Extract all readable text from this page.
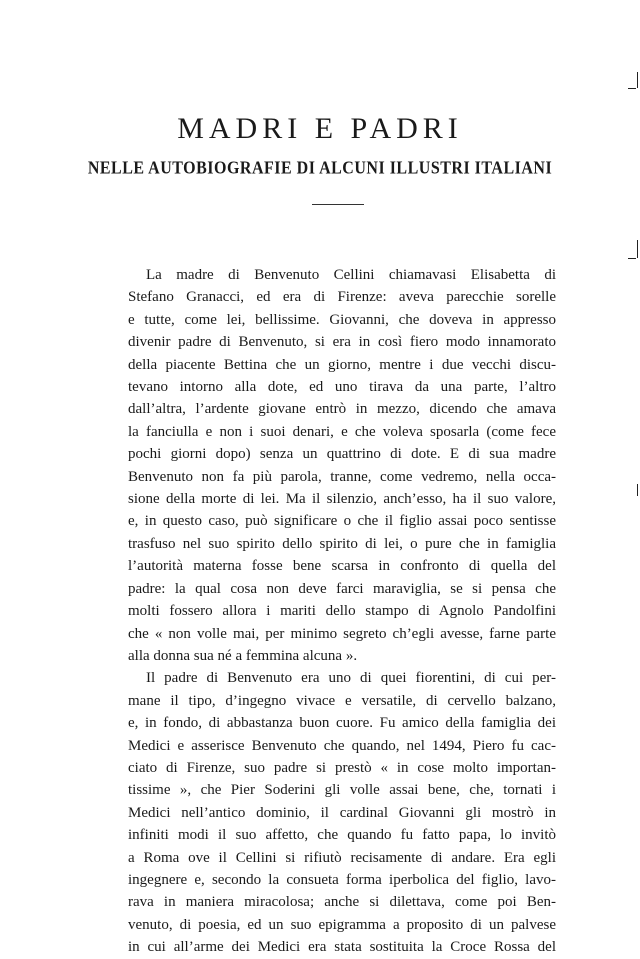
MADRI E PADRI
NELLE AUTOBIOGRAFIE DI ALCUNI ILLUSTRI ITALIANI
La madre di Benvenuto Cellini chiamavasi Elisabetta di
Stefano Granacci, ed era di Firenze: aveva parecchie sorelle
e tutte, come lei, bellissime. Giovanni, che doveva in appresso
divenir padre di Benvenuto, si era in così fiero modo innamorato
della piacente Bettina che un giorno, mentre i due vecchi discu-
tevano intorno alla dote, ed uno tirava da una parte, l’altro
dall’altra, l’ardente giovane entrò in mezzo, dicendo che amava
la fanciulla e non i suoi denari, e che voleva sposarla (come fece
pochi giorni dopo) senza un quattrino di dote. E di sua madre
Benvenuto non fa più parola, tranne, come vedremo, nella occa-
sione della morte di lei. Ma il silenzio, anch’esso, ha il suo valore,
e, in questo caso, può significare o che il figlio assai poco sentisse
trasfuso nel suo spirito dello spirito di lei, o pure che in famiglia
l’autorità materna fosse bene scarsa in confronto di quella del
padre: la qual cosa non deve farci maraviglia, se si pensa che
molti fossero allora i mariti dello stampo di Agnolo Pandolfini
che « non volle mai, per minimo segreto ch’egli avesse, farne parte
alla donna sua né a femmina alcuna ».
Il padre di Benvenuto era uno di quei fiorentini, di cui per-
mane il tipo, d’ingegno vivace e versatile, di cervello balzano,
e, in fondo, di abbastanza buon cuore. Fu amico della famiglia dei
Medici e asserisce Benvenuto che quando, nel 1494, Piero fu cac-
ciato di Firenze, suo padre si prestò « in cose molto importan-
tissime », che Pier Soderini gli volle assai bene, che, tornati i
Medici nell’antico dominio, il cardinal Giovanni gli mostrò in
infiniti modi il suo affetto, che quando fu fatto papa, lo invitò
a Roma ove il Cellini si rifiutò recisamente di andare. Era egli
ingegnere e, secondo la consueta forma iperbolica del figlio, lavo-
rava in maniera miracolosa; anche si dilettava, come poi Ben-
venuto, di poesia, ed un suo epigramma a proposito di un palvese
in cui all’arme dei Medici era stata sostituita la Croce Rossa del
